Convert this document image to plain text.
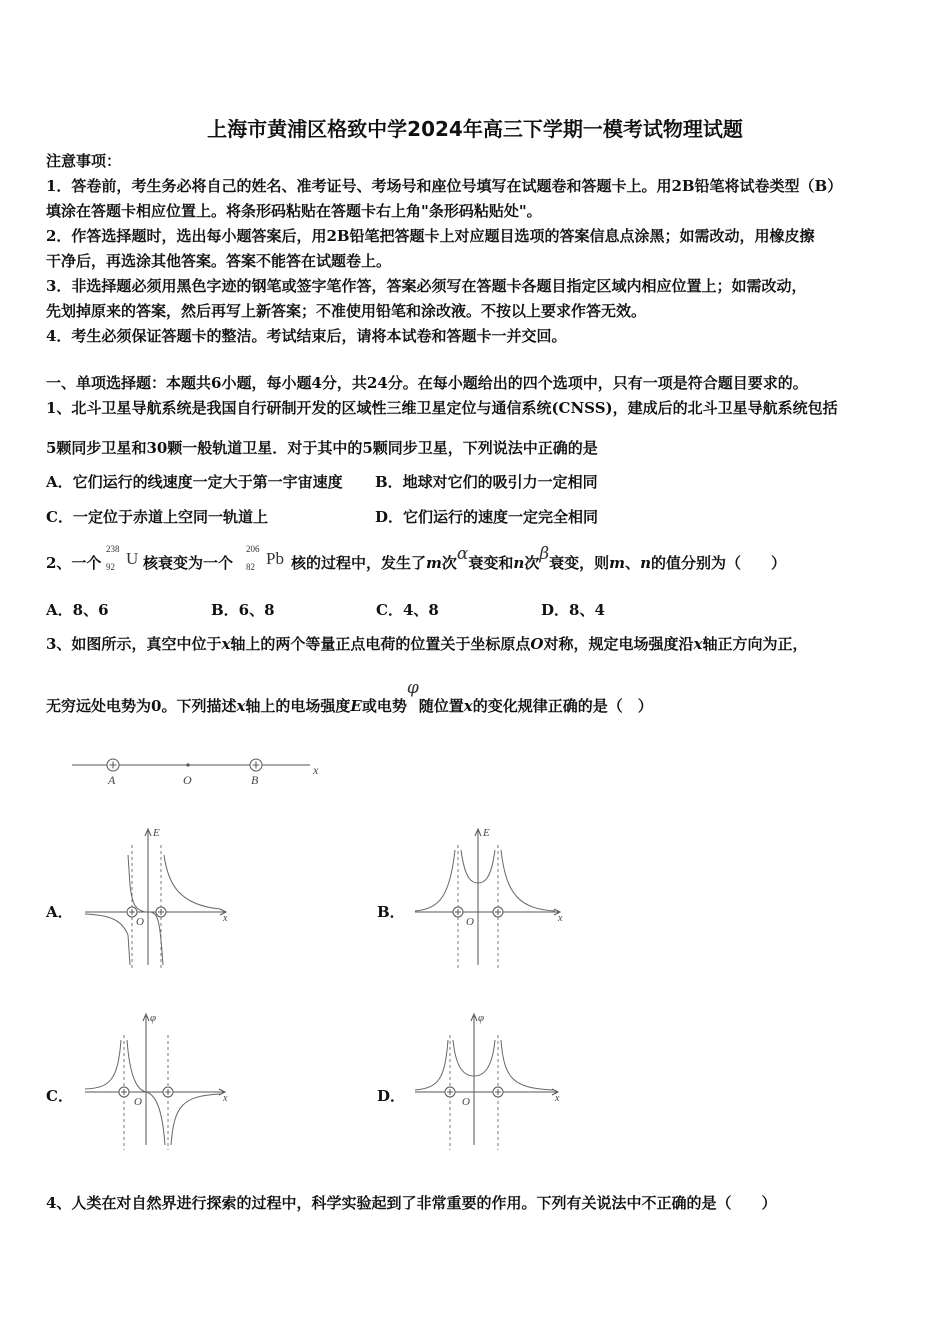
上海市黄浦区格致中学2024年高三下学期一模考试物理试题
注意事项：
1．答卷前，考生务必将自己的姓名、准考证号、考场号和座位号填写在试题卷和答题卡上。用2B铅笔将试卷类型（B）
填涂在答题卡相应位置上。将条形码粘贴在答题卡右上角"条形码粘贴处"。
2．作答选择题时，选出每小题答案后，用2B铅笔把答题卡上对应题目选项的答案信息点涂黑；如需改动，用橡皮擦
干净后，再选涂其他答案。答案不能答在试题卷上。
3．非选择题必须用黑色字迹的钢笔或签字笔作答，答案必须写在答题卡各题目指定区域内相应位置上；如需改动，
先划掉原来的答案，然后再写上新答案；不准使用铅笔和涂改液。不按以上要求作答无效。
4．考生必须保证答题卡的整洁。考试结束后，请将本试卷和答题卡一并交回。
一、单项选择题：本题共6小题，每小题4分，共24分。在每小题给出的四个选项中，只有一项是符合题目要求的。
1、北斗卫星导航系统是我国自行研制开发的区域性三维卫星定位与通信系统(CNSS)，建成后的北斗卫星导航系统包括
5颗同步卫星和30颗一般轨道卫星．对于其中的5颗同步卫星，下列说法中正确的是
A．它们运行的线速度一定大于第一宇宙速度 B．地球对它们的吸引力一定相同
C．一定位于赤道上空同一轨道上	D．它们运行的速度一定完全相同
2、一个
238
92 U 核衰变为一个
206
82 Pb 核的过程中，发生了m次α衰变和n次β衰变，则m、n的值分别为（　　）
A．8、6	B．6、8	C．4、8	D．8、4
3、如图所示，真空中位于x轴上的两个等量正点电荷的位置关于坐标原点O对称，规定电场强度沿x轴正方向为正，
无穷远处电势为0。下列描述x轴上的电场强度E或电势φ随位置x的变化规律正确的是（　）
A	O	B
x
A．
E
O	x	B．
E
O	x
C．
φ
O	x	D．
φ
O	x
4、人类在对自然界进行探索的过程中，科学实验起到了非常重要的作用。下列有关说法中不正确的是（　　）
